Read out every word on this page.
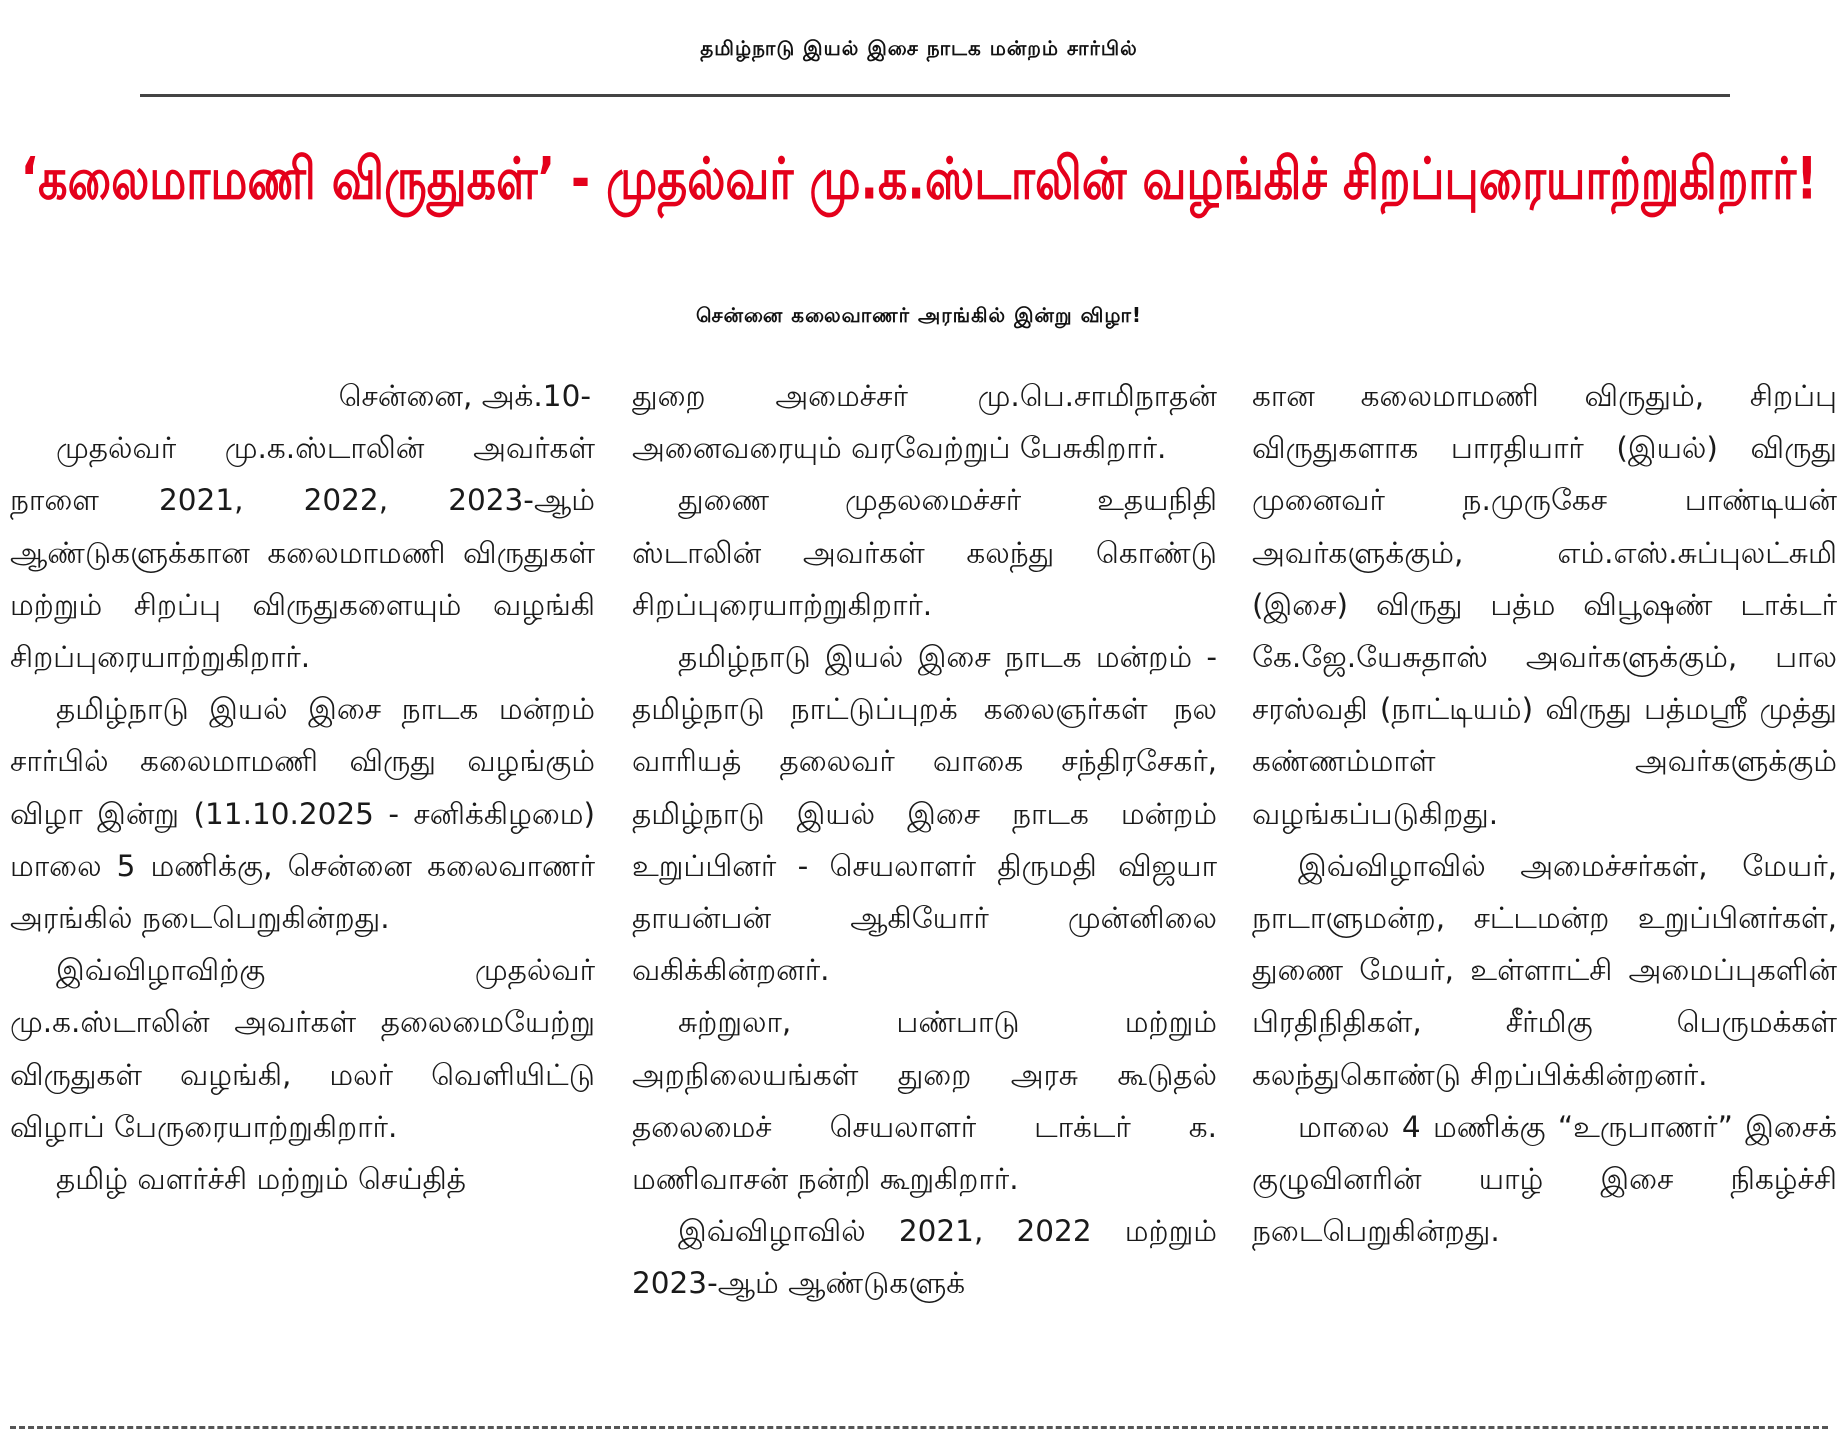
தமிழ்நாடு இயல் இசை நாடக மன்றம் சார்பில்
‘கலைமாமணி விருதுகள்’ - முதல்வர் மு.க.ஸ்டாலின் வழங்கிச் சிறப்புரையாற்றுகிறார்!
சென்னை கலைவாணர் அரங்கில் இன்று விழா!

சென்னை, அக்.10-

முதல்வர் மு.க.ஸ்டாலின் அவர்கள் நாளை 2021, 2022, 2023-ஆம் ஆண்டுகளுக்கான கலைமாமணி விருதுகள் மற்றும் சிறப்பு விருதுகளையும் வழங்கி சிறப்புரையாற்றுகிறார்.

தமிழ்நாடு இயல் இசை நாடக மன்றம் சார்பில் கலைமாமணி விருது வழங்கும் விழா இன்று (11.10.2025 - சனிக்கிழமை) மாலை 5 மணிக்கு, சென்னை கலைவாணர் அரங்கில் நடைபெறுகின்றது.

இவ்விழாவிற்கு முதல்வர் மு.க.ஸ்டாலின் அவர்கள் தலைமையேற்று விருதுகள் வழங்கி, மலர் வெளியிட்டு விழாப் பேருரையாற்றுகிறார்.

தமிழ் வளர்ச்சி மற்றும் செய்தித்

துறை அமைச்சர் மு.பெ.சாமிநாதன் அனைவரையும் வரவேற்றுப் பேசுகிறார்.

துணை முதலமைச்சர் உதயநிதி ஸ்டாலின் அவர்கள் கலந்து கொண்டு சிறப்புரையாற்றுகிறார்.

தமிழ்நாடு இயல் இசை நாடக மன்றம் - தமிழ்நாடு நாட்டுப்புறக் கலைஞர்கள் நல வாரியத் தலைவர் வாகை சந்திரசேகர், தமிழ்நாடு இயல் இசை நாடக மன்றம் உறுப்பினர் - செயலாளர் திருமதி விஜயா தாயன்பன் ஆகியோர் முன்னிலை வகிக்கின்றனர்.

சுற்றுலா, பண்பாடு மற்றும் அறநிலையங்கள் துறை அரசு கூடுதல் தலைமைச் செயலாளர் டாக்டர் க. மணிவாசன் நன்றி கூறுகிறார்.

இவ்விழாவில் 2021, 2022 மற்றும் 2023-ஆம் ஆண்டுகளுக்

கான கலைமாமணி விருதும், சிறப்பு விருதுகளாக பாரதியார் (இயல்) விருது முனைவர் ந.முருகேச பாண்டியன் அவர்களுக்கும், எம்.எஸ்.சுப்புலட்சுமி (இசை) விருது பத்ம விபூஷண் டாக்டர் கே.ஜே.யேசுதாஸ் அவர்களுக்கும், பால சரஸ்வதி (நாட்டியம்) விருது பத்மஸ்ரீ முத்து கண்ணம்மாள் அவர்களுக்கும் வழங்கப்படுகிறது.

இவ்விழாவில் அமைச்சர்கள், மேயர், நாடாளுமன்ற, சட்டமன்ற உறுப்பினர்கள், துணை மேயர், உள்ளாட்சி அமைப்புகளின் பிரதிநிதிகள், சீர்மிகு பெருமக்கள் கலந்துகொண்டு சிறப்பிக்கின்றனர்.

மாலை 4 மணிக்கு “உருபாணர்” இசைக் குழுவினரின் யாழ் இசை நிகழ்ச்சி நடைபெறுகின்றது.
